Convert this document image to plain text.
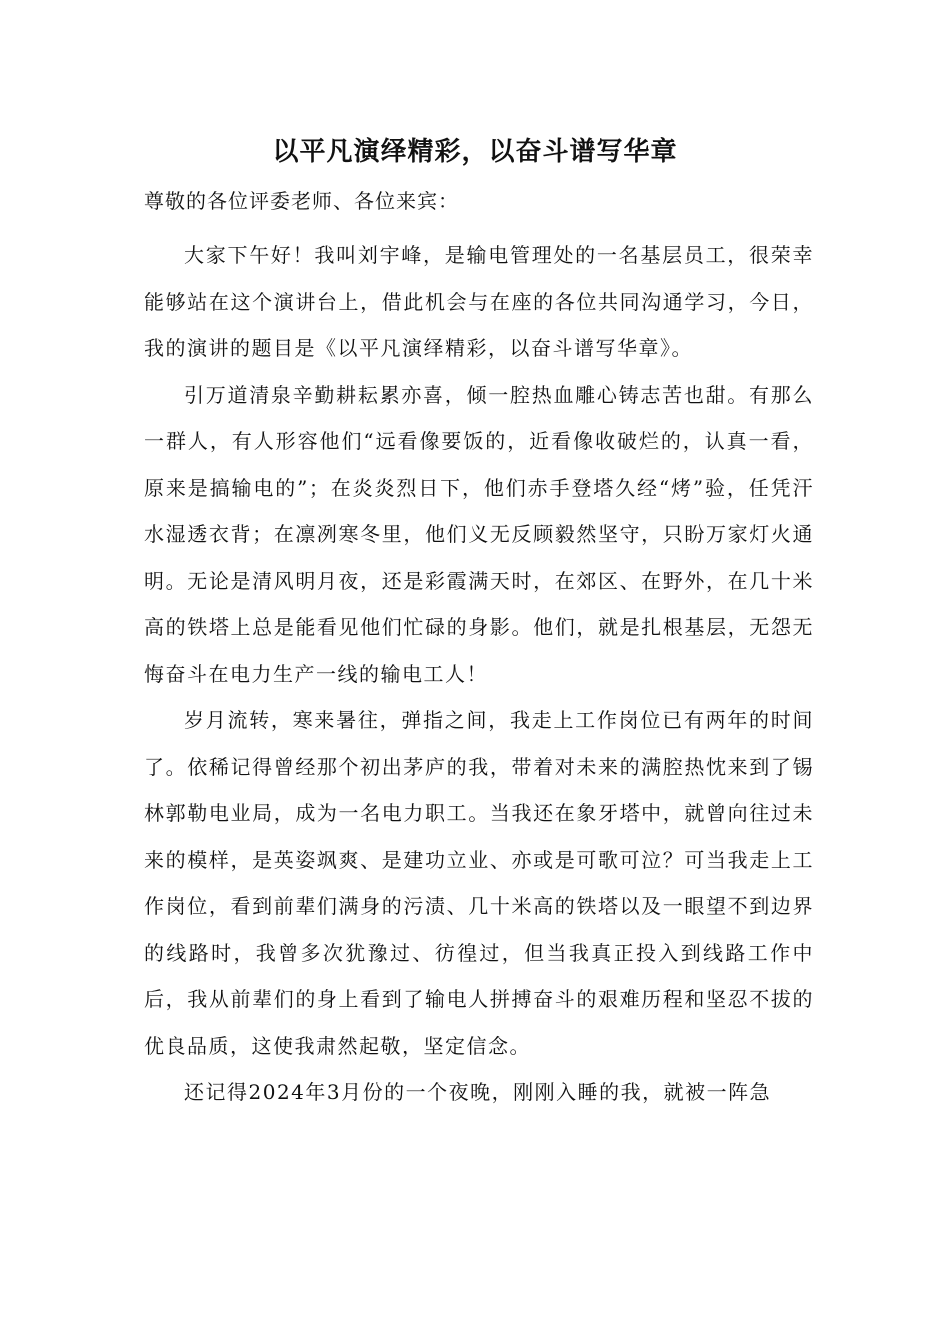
以平凡演绎精彩，以奋斗谱写华章
尊敬的各位评委老师、各位来宾：

大家下午好！我叫刘宇峰，是输电管理处的一名基层员工，很荣幸能够站在这个演讲台上，借此机会与在座的各位共同沟通学习，今日，我的演讲的题目是《以平凡演绎精彩，以奋斗谱写华章》。

引万道清泉辛勤耕耘累亦喜，倾一腔热血雕心铸志苦也甜。有那么一群人，有人形容他们“远看像要饭的，近看像收破烂的，认真一看，原来是搞输电的”；在炎炎烈日下，他们赤手登塔久经“烤”验，任凭汗水湿透衣背；在凛冽寒冬里，他们义无反顾毅然坚守，只盼万家灯火通明。无论是清风明月夜，还是彩霞满天时，在郊区、在野外，在几十米高的铁塔上总是能看见他们忙碌的身影。他们，就是扎根基层，无怨无悔奋斗在电力生产一线的输电工人！

岁月流转，寒来暑往，弹指之间，我走上工作岗位已有两年的时间了。依稀记得曾经那个初出茅庐的我，带着对未来的满腔热忱来到了锡林郭勒电业局，成为一名电力职工。当我还在象牙塔中，就曾向往过未来的模样，是英姿飒爽、是建功立业、亦或是可歌可泣？可当我走上工作岗位，看到前辈们满身的污渍、几十米高的铁塔以及一眼望不到边界的线路时，我曾多次犹豫过、彷徨过，但当我真正投入到线路工作中后，我从前辈们的身上看到了输电人拼搏奋斗的艰难历程和坚忍不拔的优良品质，这使我肃然起敬，坚定信念。

还记得2024年3月份的一个夜晚，刚刚入睡的我，就被一阵急
